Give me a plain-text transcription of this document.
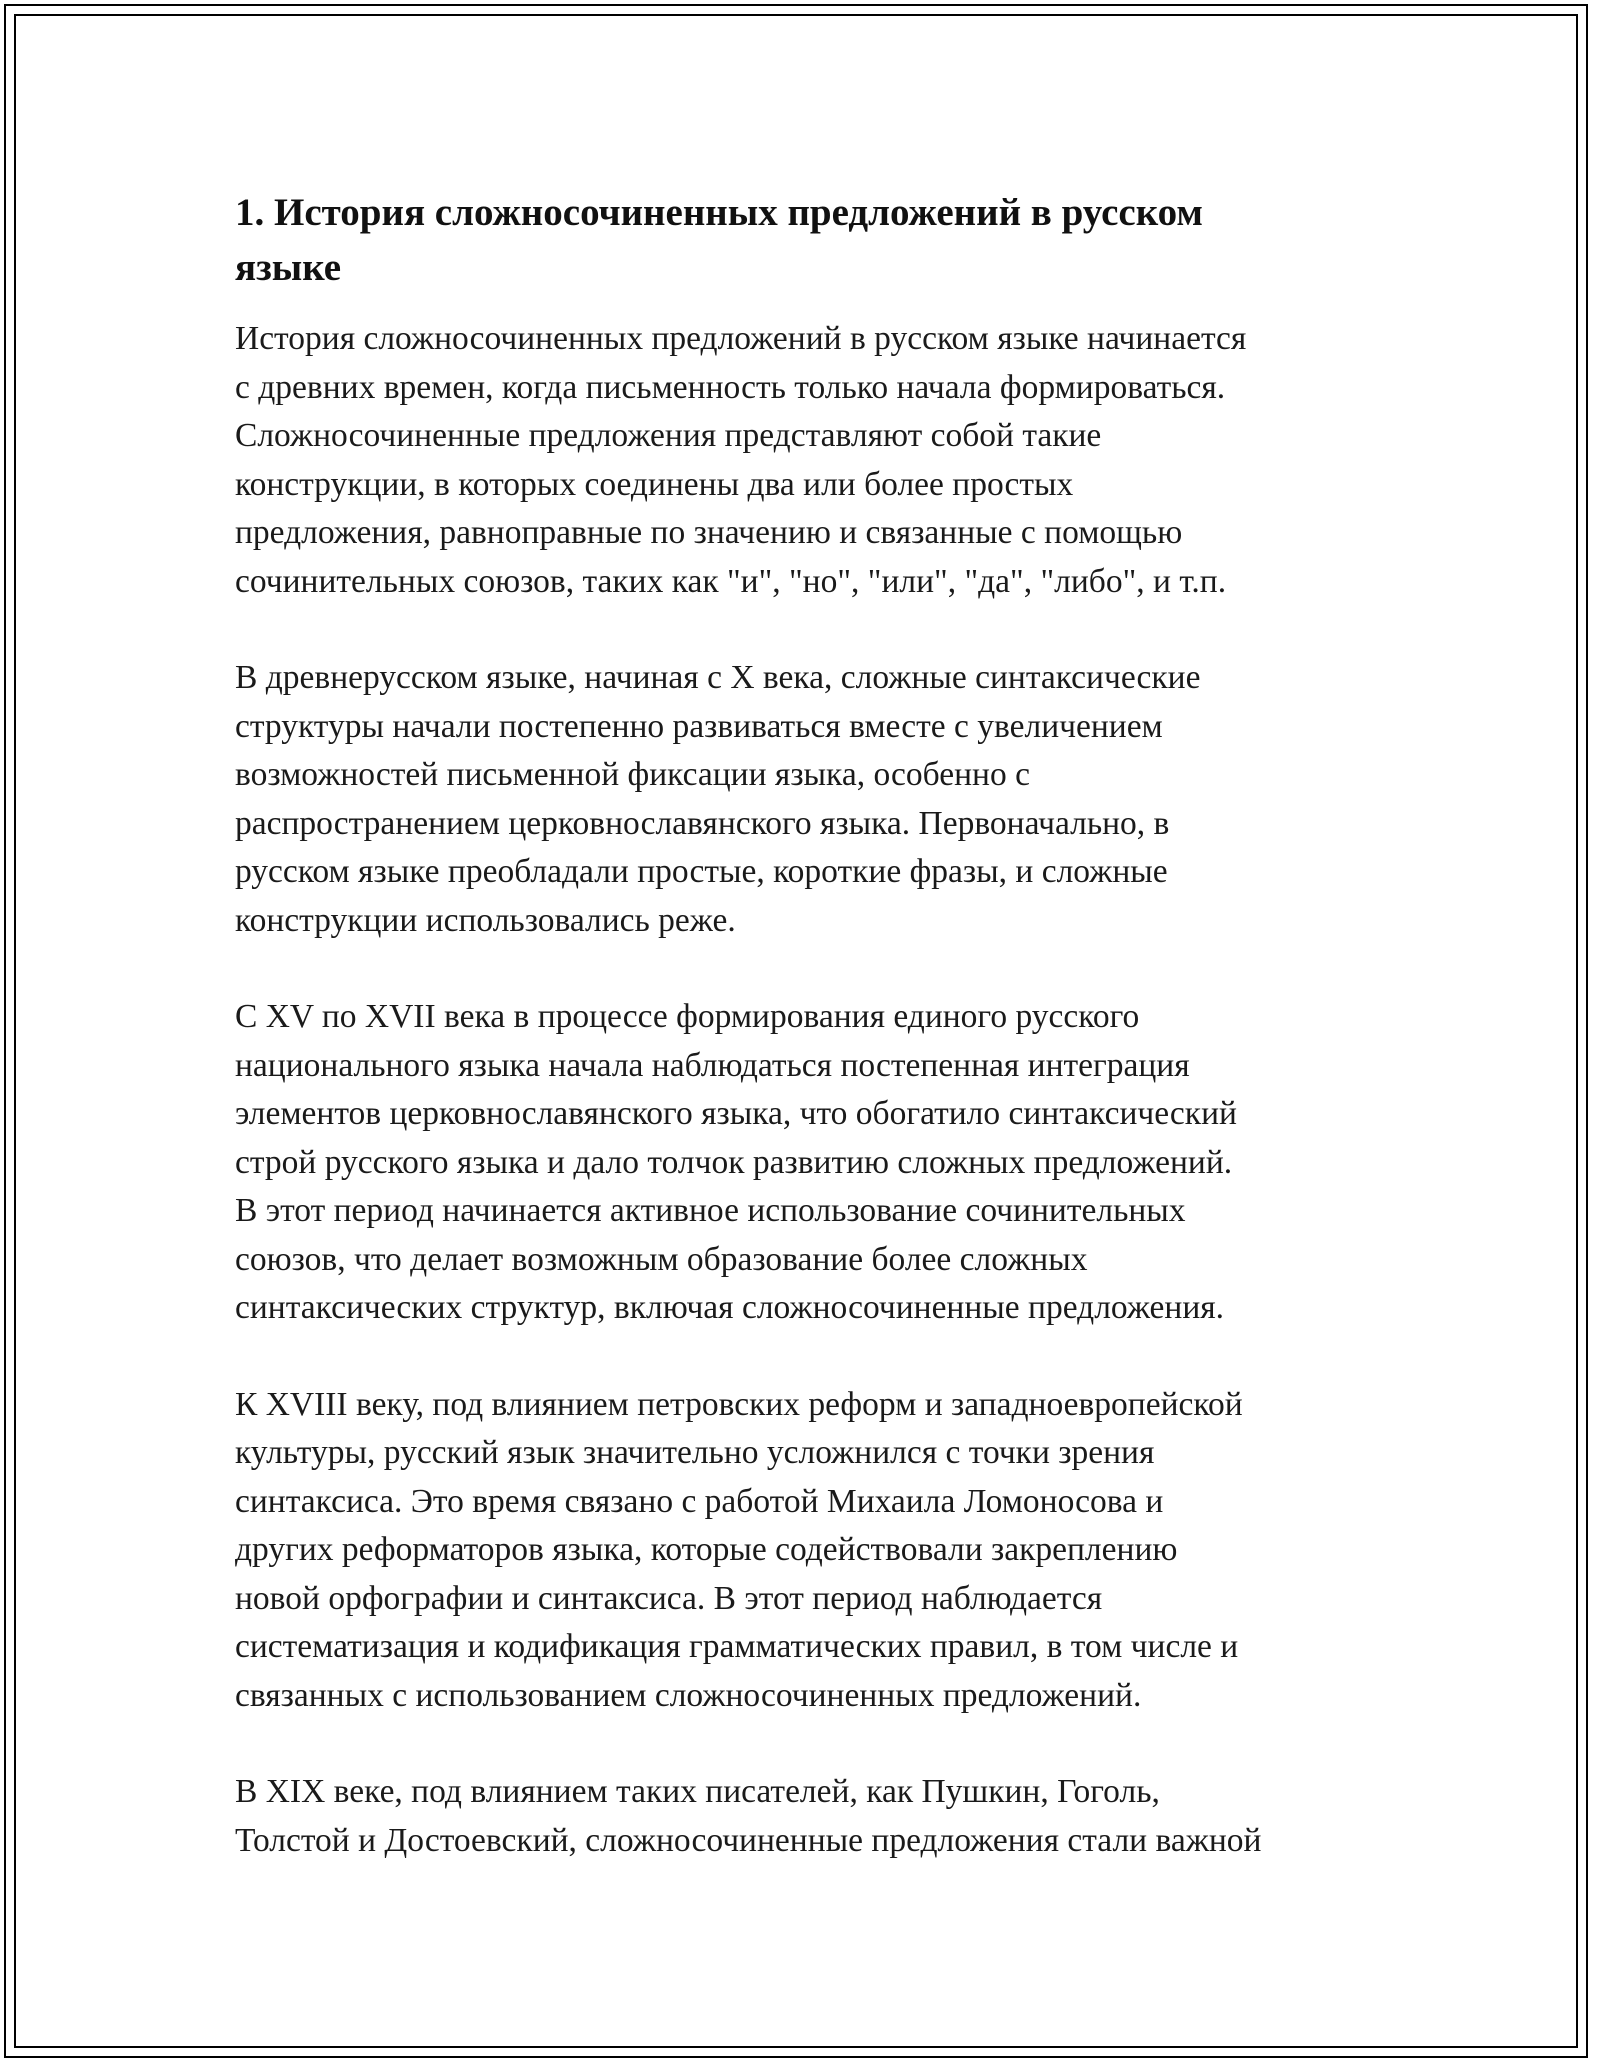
1. История сложносочиненных предложений в русском
языке

История сложносочиненных предложений в русском языке начинается
с древних времен, когда письменность только начала формироваться.
Сложносочиненные предложения представляют собой такие
конструкции, в которых соединены два или более простых
предложения, равноправные по значению и связанные с помощью
сочинительных союзов, таких как "и", "но", "или", "да", "либо", и т.п.

В древнерусском языке, начиная с X века, сложные синтаксические
структуры начали постепенно развиваться вместе с увеличением
возможностей письменной фиксации языка, особенно с
распространением церковнославянского языка. Первоначально, в
русском языке преобладали простые, короткие фразы, и сложные
конструкции использовались реже.

С XV по XVII века в процессе формирования единого русского
национального языка начала наблюдаться постепенная интеграция
элементов церковнославянского языка, что обогатило синтаксический
строй русского языка и дало толчок развитию сложных предложений.
В этот период начинается активное использование сочинительных
союзов, что делает возможным образование более сложных
синтаксических структур, включая сложносочиненные предложения.

К XVIII веку, под влиянием петровских реформ и западноевропейской
культуры, русский язык значительно усложнился с точки зрения
синтаксиса. Это время связано с работой Михаила Ломоносова и
других реформаторов языка, которые содействовали закреплению
новой орфографии и синтаксиса. В этот период наблюдается
систематизация и кодификация грамматических правил, в том числе и
связанных с использованием сложносочиненных предложений.

В XIX веке, под влиянием таких писателей, как Пушкин, Гоголь,
Толстой и Достоевский, сложносочиненные предложения стали важной
